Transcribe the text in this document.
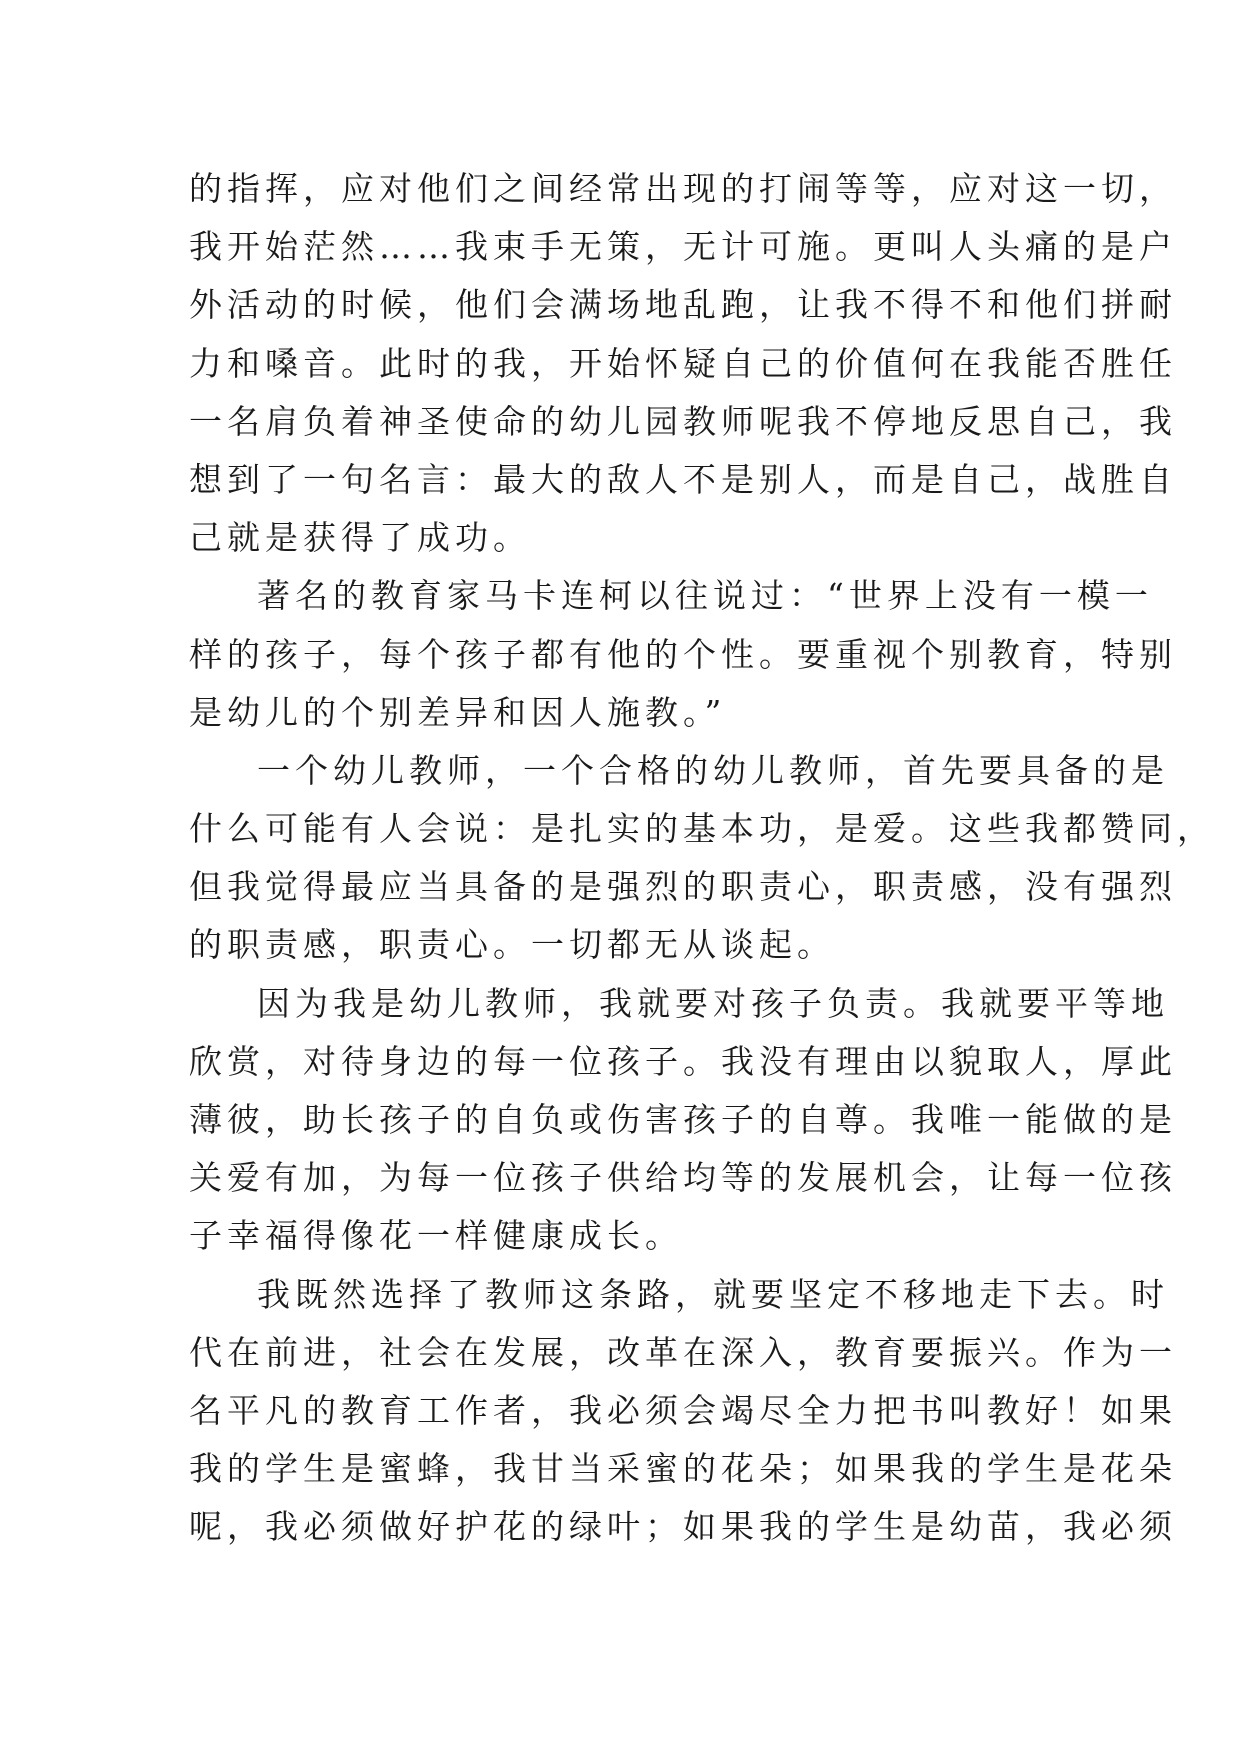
的指挥，应对他们之间经常出现的打闹等等，应对这一切，
我开始茫然……我束手无策，无计可施。更叫人头痛的是户
外活动的时候，他们会满场地乱跑，让我不得不和他们拼耐
力和嗓音。此时的我，开始怀疑自己的价值何在我能否胜任
一名肩负着神圣使命的幼儿园教师呢我不停地反思自己，我
想到了一句名言：最大的敌人不是别人，而是自己，战胜自
己就是获得了成功。
著名的教育家马卡连柯以往说过：“世界上没有一模一
样的孩子，每个孩子都有他的个性。要重视个别教育，特别
是幼儿的个别差异和因人施教。”
一个幼儿教师，一个合格的幼儿教师，首先要具备的是
什么可能有人会说：是扎实的基本功，是爱。这些我都赞同，
但我觉得最应当具备的是强烈的职责心，职责感，没有强烈
的职责感，职责心。一切都无从谈起。
因为我是幼儿教师，我就要对孩子负责。我就要平等地
欣赏，对待身边的每一位孩子。我没有理由以貌取人，厚此
薄彼，助长孩子的自负或伤害孩子的自尊。我唯一能做的是
关爱有加，为每一位孩子供给均等的发展机会，让每一位孩
子幸福得像花一样健康成长。
我既然选择了教师这条路，就要坚定不移地走下去。时
代在前进，社会在发展，改革在深入，教育要振兴。作为一
名平凡的教育工作者，我必须会竭尽全力把书叫教好！如果
我的学生是蜜蜂，我甘当采蜜的花朵；如果我的学生是花朵
呢，我必须做好护花的绿叶；如果我的学生是幼苗，我必须
